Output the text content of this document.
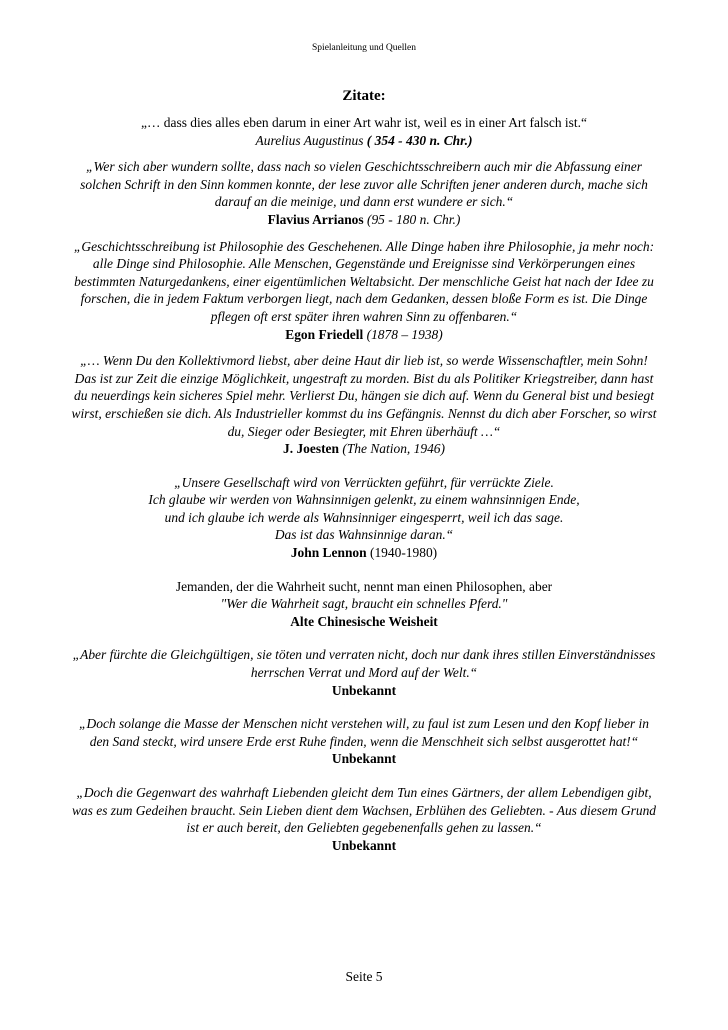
Spielanleitung und Quellen
Zitate:

„… dass dies alles eben darum in einer Art wahr ist, weil es in einer Art falsch ist.“

Aurelius Augustinus ( 354 - 430 n. Chr.)

„Wer sich aber wundern sollte, dass nach so vielen Geschichtsschreibern auch mir die Abfassung einer solchen Schrift in den Sinn kommen konnte, der lese zuvor alle Schriften jener anderen durch, mache sich darauf an die meinige, und dann erst wundere er sich.“

Flavius Arrianos (95 - 180 n. Chr.)

„Geschichtsschreibung ist Philosophie des Geschehenen. Alle Dinge haben ihre Philosophie, ja mehr noch: alle Dinge sind Philosophie. Alle Menschen, Gegenstände und Ereignisse sind Verkörperungen eines bestimmten Naturgedankens, einer eigentümlichen Weltabsicht. Der menschliche Geist hat nach der Idee zu forschen, die in jedem Faktum verborgen liegt, nach dem Gedanken, dessen bloße Form es ist. Die Dinge pflegen oft erst später ihren wahren Sinn zu offenbaren.“

Egon Friedell (1878 – 1938)

„… Wenn Du den Kollektivmord liebst, aber deine Haut dir lieb ist, so werde Wissenschaftler, mein Sohn! Das ist zur Zeit die einzige Möglichkeit, ungestraft zu morden. Bist du als Politiker Kriegstreiber, dann hast du neuerdings kein sicheres Spiel mehr. Verlierst Du, hängen sie dich auf. Wenn du General bist und besiegt wirst, erschießen sie dich. Als Industrieller kommst du ins Gefängnis. Nennst du dich aber Forscher, so wirst du, Sieger oder Besiegter, mit Ehren überhäuft …“

J. Joesten (The Nation, 1946)

„Unsere Gesellschaft wird von Verrückten geführt, für verrückte Ziele.

Ich glaube wir werden von Wahnsinnigen gelenkt, zu einem wahnsinnigen Ende,

und ich glaube ich werde als Wahnsinniger eingesperrt, weil ich das sage.

Das ist das Wahnsinnige daran.“

John Lennon (1940-1980)

Jemanden, der die Wahrheit sucht, nennt man einen Philosophen, aber

"Wer die Wahrheit sagt, braucht ein schnelles Pferd."

Alte Chinesische Weisheit

„Aber fürchte die Gleichgültigen, sie töten und verraten nicht, doch nur dank ihres stillen Einverständnisses herrschen Verrat und Mord auf der Welt.“

Unbekannt

„Doch solange die Masse der Menschen nicht verstehen will, zu faul ist zum Lesen und den Kopf lieber in den Sand steckt, wird unsere Erde erst Ruhe finden, wenn die Menschheit sich selbst ausgerottet hat!“

Unbekannt

„Doch die Gegenwart des wahrhaft Liebenden gleicht dem Tun eines Gärtners, der allem Lebendigen gibt, was es zum Gedeihen braucht. Sein Lieben dient dem Wachsen, Erblühen des Geliebten. - Aus diesem Grund ist er auch bereit, den Geliebten gegebenenfalls gehen zu lassen.“

Unbekannt

Seite 5
